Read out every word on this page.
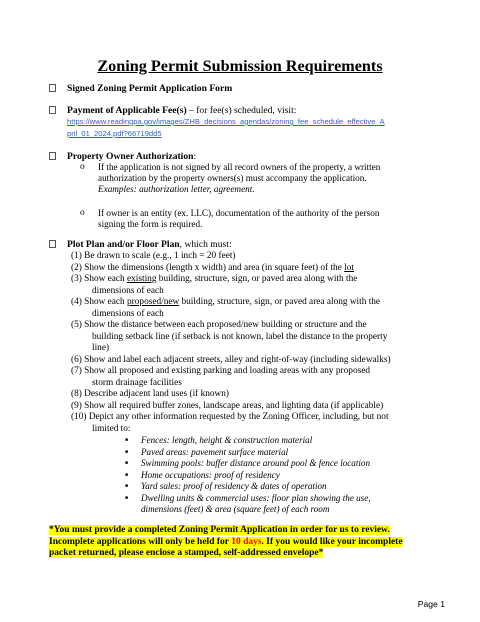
Zoning Permit Submission Requirements
Signed Zoning Permit Application Form
Payment of Applicable Fee(s) – for fee(s) scheduled, visit:
https://www.readingpa.gov/images/ZHB_decisions_agendas/zoning_fee_schedule_effective_A
pril_01_2024.pdf?66719dd5
Property Owner Authorization:
o If the application is not signed by all record owners of the property, a written
authorization by the property owners(s) must accompany the application.
Examples: authorization letter, agreement.
o If owner is an entity (ex. LLC), documentation of the authority of the person
signing the form is required.
Plot Plan and/or Floor Plan, which must:
(1) Be drawn to scale (e.g., 1 inch = 20 feet)
(2) Show the dimensions (length x width) and area (in square feet) of the lot
(3) Show each existing building, structure, sign, or paved area along with the
dimensions of each
(4) Show each proposed/new building, structure, sign, or paved area along with the
dimensions of each
(5) Show the distance between each proposed/new building or structure and the
building setback line (if setback is not known, label the distance to the property
line)
(6) Show and label each adjacent streets, alley and right-of-way (including sidewalks)
(7) Show all proposed and existing parking and loading areas with any proposed
storm drainage facilities
(8) Describe adjacent land uses (if known)
(9) Show all required buffer zones, landscape areas, and lighting data (if applicable)
(10) Depict any other information requested by the Zoning Officer, including, but not
limited to:
■ Fences: length, height & construction material
■ Paved areas: pavement surface material
■ Swimming pools: buffer distance around pool & fence location
■ Home occupations: proof of residency
■ Yard sales: proof of residency & dates of operation
■ Dwelling units & commercial uses: floor plan showing the use,
dimensions (feet) & area (square feet) of each room
*You must provide a completed Zoning Permit Application in order for us to review.
Incomplete applications will only be held for 10 days. If you would like your incomplete
packet returned, please enclose a stamped, self-addressed envelope*
Page 1
